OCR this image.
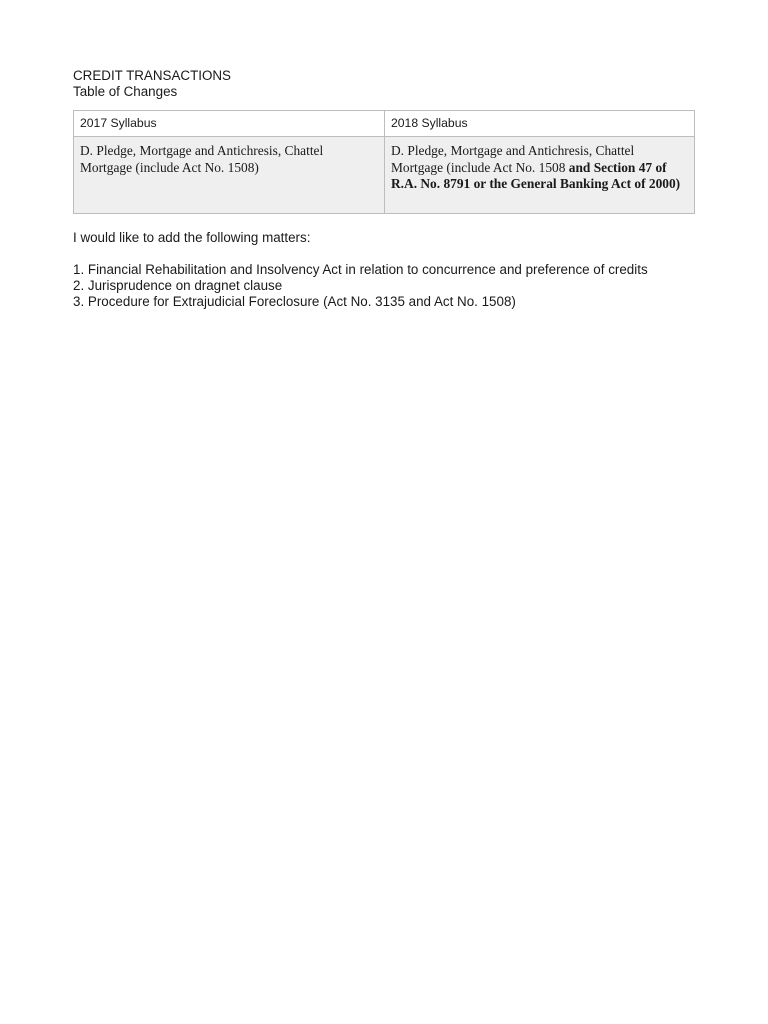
CREDIT TRANSACTIONS
Table of Changes
2017 Syllabus	2018 Syllabus
D. Pledge, Mortgage and Antichresis, Chattel Mortgage (include Act No. 1508)	D. Pledge, Mortgage and Antichresis, Chattel Mortgage (include Act No. 1508 and Section 47 of R.A. No. 8791 or the General Banking Act of 2000)
I would like to add the following matters:
1. Financial Rehabilitation and Insolvency Act in relation to concurrence and preference of credits
2. Jurisprudence on dragnet clause
3. Procedure for Extrajudicial Foreclosure (Act No. 3135 and Act No. 1508)
